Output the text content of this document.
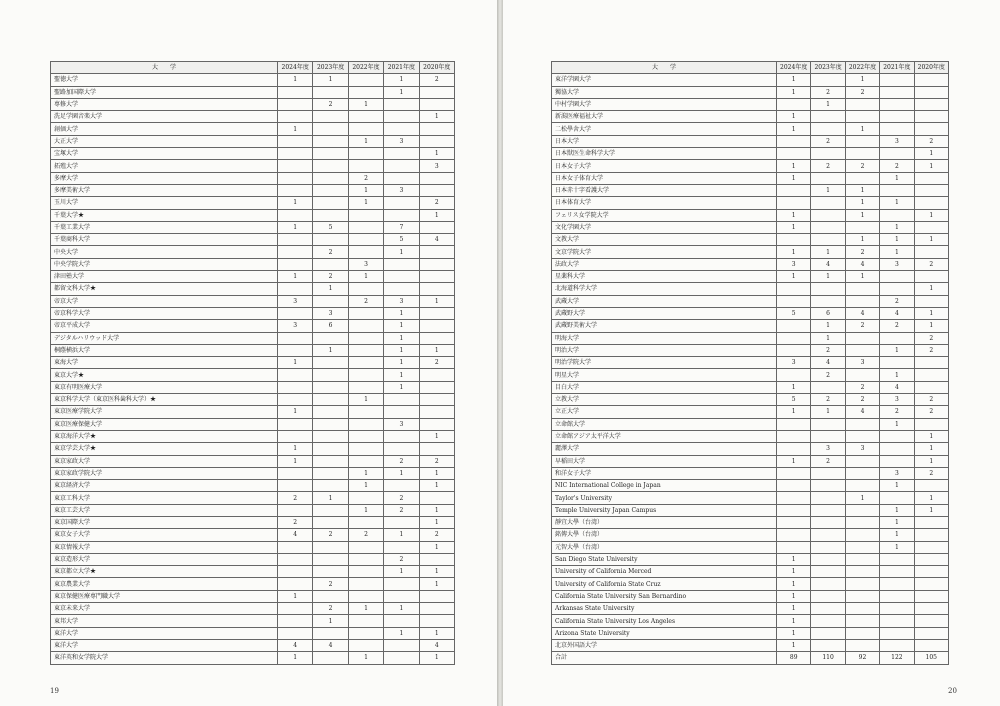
大　　学	2024年度	2023年度	2022年度	2021年度	2020年度
聖徳大学	1	1		1	2
聖路加国際大学				1	
専修大学		2	1		
洗足学園音楽大学					1
創価大学	1				
大正大学			1	3	
宝塚大学					1
拓殖大学					3
多摩大学			2		
多摩美術大学			1	3	
玉川大学	1		1		2
千葉大学★					1
千葉工業大学	1	5		7	
千葉商科大学				5	4
中央大学		2		1	
中央学院大学			3		
津田塾大学	1	2	1		
都留文科大学★		1			
帝京大学	3		2	3	1
帝京科学大学		3		1	
帝京平成大学	3	6		1	
デジタルハリウッド大学				1	
桐蔭横浜大学		1		1	1
東海大学	1			1	2
東京大学★				1	
東京有明医療大学				1	
東京科学大学（東京医科歯科大学）★			1		
東京医療学院大学	1				
東京医療保健大学				3	
東京海洋大学★					1
東京学芸大学★	1				
東京家政大学	1			2	2
東京家政学院大学			1	1	1
東京経済大学			1		1
東京工科大学	2	1		2	
東京工芸大学			1	2	1
東京国際大学	2				1
東京女子大学	4	2	2	1	2
東京情報大学					1
東京造形大学				2	
東京都立大学★				1	1
東京農業大学		2			1
東京保健医療専門職大学	1				
東京未来大学		2	1	1	
東邦大学		1			
東洋大学				1	1
東洋大学	4	4			4
東洋英和女学院大学	1		1		1
19
大　　学	2024年度	2023年度	2022年度	2021年度	2020年度
東洋学園大学	1		1		
獨協大学	1	2	2		
中村学園大学		1			
新潟医療福祉大学	1				
二松學舍大学	1		1		
日本大学		2		3	2
日本獣医生命科学大学					1
日本女子大学	1	2	2	2	1
日本女子体育大学	1			1	
日本赤十字看護大学		1	1		
日本体育大学			1	1	
フェリス女学院大学	1		1		1
文化学園大学	1			1	
文教大学			1	1	1
文京学院大学	1	1	2	1	
法政大学	3	4	4	3	2
星薬科大学	1	1	1		
北海道科学大学					1
武蔵大学				2	
武蔵野大学	5	6	4	4	1
武蔵野美術大学		1	2	2	1
明海大学		1			2
明治大学		2		1	2
明治学院大学	3	4	3		
明星大学		2		1	
目白大学	1		2	4	
立教大学	5	2	2	3	2
立正大学	1	1	4	2	2
立命館大学				1	
立命館アジア太平洋大学					1
麗澤大学		3	3		1
早稲田大学	1	2			1
和洋女子大学				3	2
NIC International College in Japan				1	
Taylor's University			1		1
Temple University Japan Campus				1	1
靜宜大學（台湾）				1	
銘傳大學（台湾）				1	
元智大學（台湾）				1	
San Diego State University	1				
University of California Merced	1				
University of California State Cruz	1				
California State University San Bernardino	1				
Arkansas State University	1				
California State University Los Angeles	1				
Arizona State University	1				
北京外国語大学	1				
合計	89	110	92	122	105
20
